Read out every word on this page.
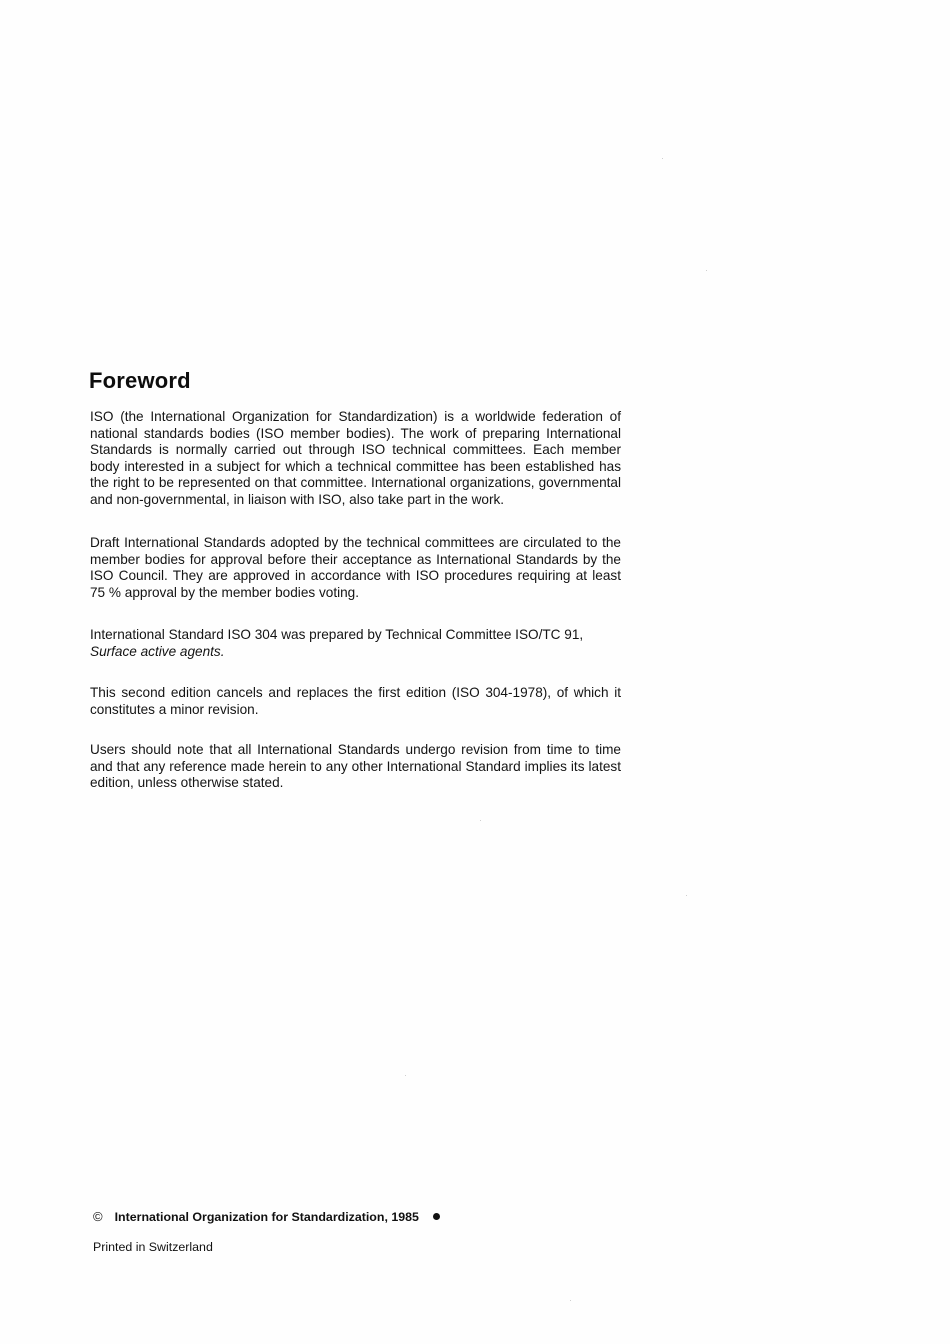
Foreword

ISO (the International Organization for Standardization) is a worldwide federation of national standards bodies (ISO member bodies). The work of preparing International Standards is normally carried out through ISO technical committees. Each member body interested in a subject for which a technical committee has been established has the right to be represented on that committee. International organizations, governmental and non-governmental, in liaison with ISO, also take part in the work.

Draft International Standards adopted by the technical committees are circulated to the member bodies for approval before their acceptance as International Standards by the ISO Council. They are approved in accordance with ISO procedures requiring at least 75 % approval by the member bodies voting.

International Standard ISO 304 was prepared by Technical Committee ISO/TC 91,
Surface active agents.

This second edition cancels and replaces the first edition (ISO 304-1978), of which it constitutes a minor revision.

Users should note that all International Standards undergo revision from time to time and that any reference made herein to any other International Standard implies its latest edition, unless otherwise stated.

© International Organization for Standardization, 1985
Printed in Switzerland
